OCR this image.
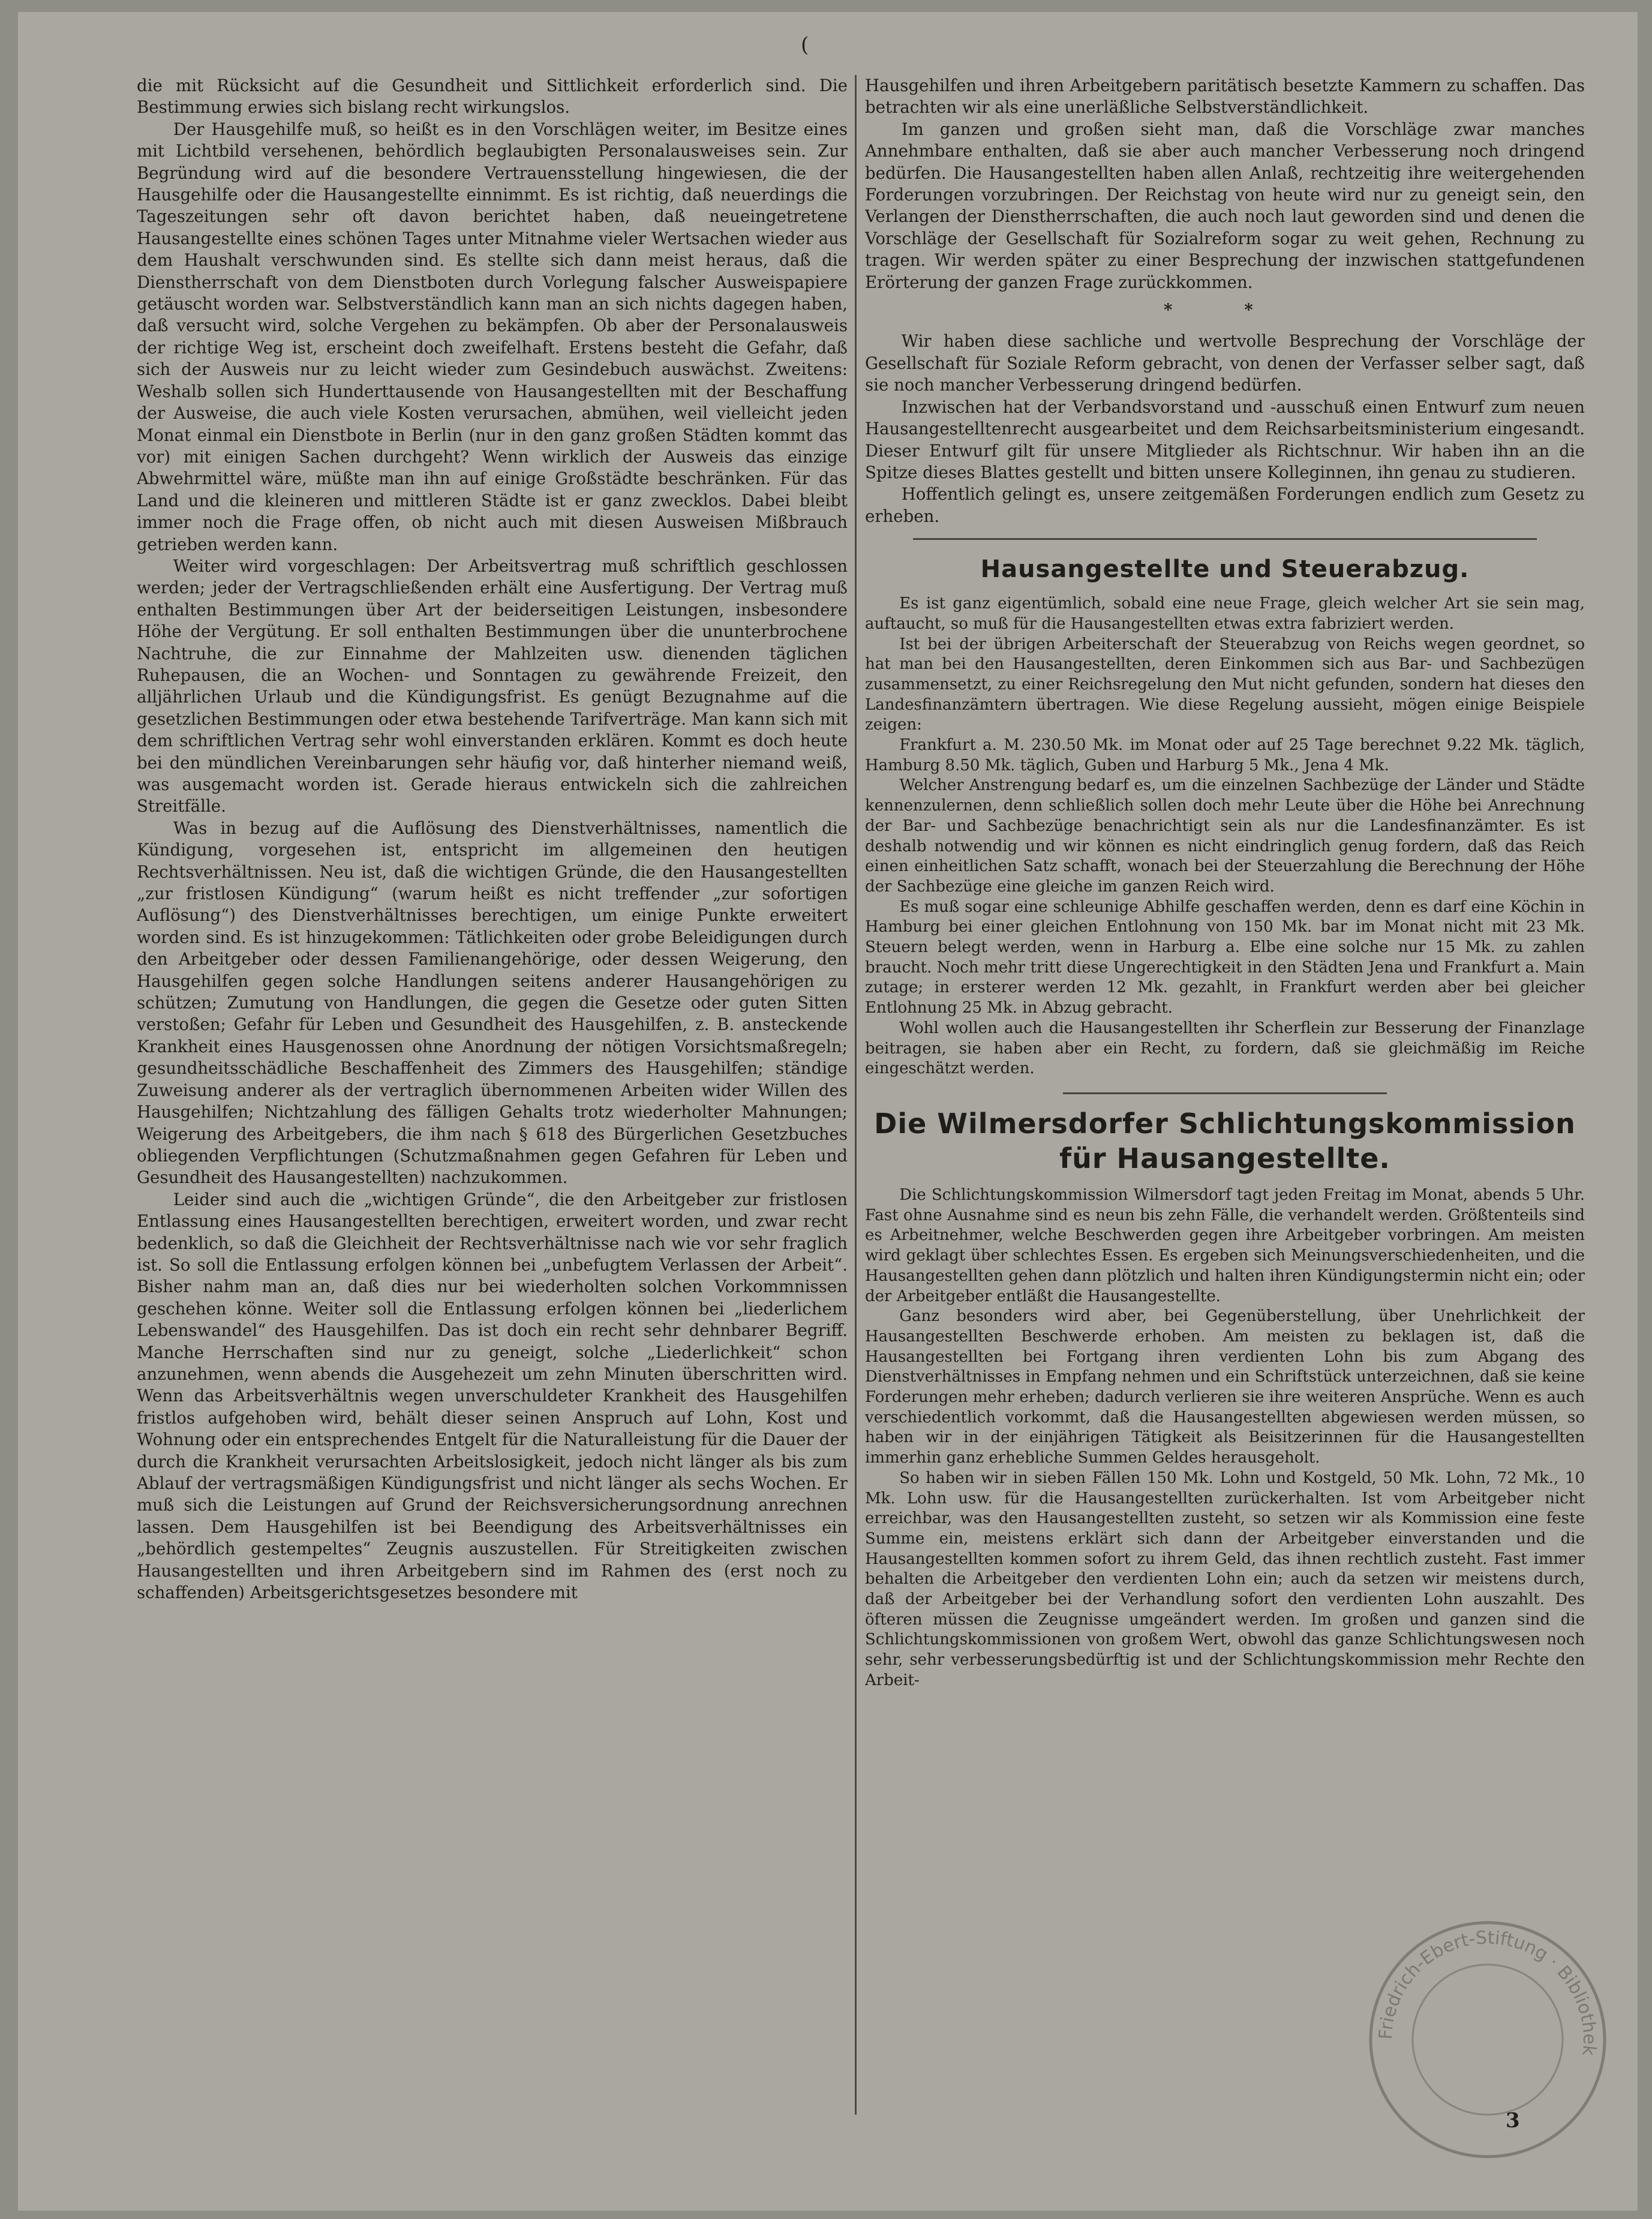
(

die mit Rücksicht auf die Gesundheit und Sittlichkeit erforderlich sind. Die Bestimmung erwies sich bislang recht wirkungslos.

Der Hausgehilfe muß, so heißt es in den Vorschlägen weiter, im Besitze eines mit Lichtbild versehenen, behördlich beglaubigten Personalausweises sein. Zur Begründung wird auf die besondere Vertrauensstellung hingewiesen, die der Hausgehilfe oder die Hausangestellte einnimmt. Es ist richtig, daß neuerdings die Tageszeitungen sehr oft davon berichtet haben, daß neueingetretene Hausangestellte eines schönen Tages unter Mitnahme vieler Wertsachen wieder aus dem Haushalt verschwunden sind. Es stellte sich dann meist heraus, daß die Dienstherrschaft von dem Dienstboten durch Vorlegung falscher Ausweispapiere getäuscht worden war. Selbstverständlich kann man an sich nichts dagegen haben, daß versucht wird, solche Vergehen zu bekämpfen. Ob aber der Personalausweis der richtige Weg ist, erscheint doch zweifelhaft. Erstens besteht die Gefahr, daß sich der Ausweis nur zu leicht wieder zum Gesindebuch auswächst. Zweitens: Weshalb sollen sich Hunderttausende von Hausangestellten mit der Beschaffung der Ausweise, die auch viele Kosten verursachen, abmühen, weil vielleicht jeden Monat einmal ein Dienstbote in Berlin (nur in den ganz großen Städten kommt das vor) mit einigen Sachen durchgeht? Wenn wirklich der Ausweis das einzige Abwehrmittel wäre, müßte man ihn auf einige Großstädte beschränken. Für das Land und die kleineren und mittleren Städte ist er ganz zwecklos. Dabei bleibt immer noch die Frage offen, ob nicht auch mit diesen Ausweisen Mißbrauch getrieben werden kann.

Weiter wird vorgeschlagen: Der Arbeitsvertrag muß schriftlich geschlossen werden; jeder der Vertragschließenden erhält eine Ausfertigung. Der Vertrag muß enthalten Bestimmungen über Art der beiderseitigen Leistungen, insbesondere Höhe der Vergütung. Er soll enthalten Bestimmungen über die ununterbrochene Nachtruhe, die zur Einnahme der Mahlzeiten usw. dienenden täglichen Ruhepausen, die an Wochen- und Sonntagen zu gewährende Freizeit, den alljährlichen Urlaub und die Kündigungsfrist. Es genügt Bezugnahme auf die gesetzlichen Bestimmungen oder etwa bestehende Tarifverträge. Man kann sich mit dem schriftlichen Vertrag sehr wohl einverstanden erklären. Kommt es doch heute bei den mündlichen Vereinbarungen sehr häufig vor, daß hinterher niemand weiß, was ausgemacht worden ist. Gerade hieraus entwickeln sich die zahlreichen Streitfälle.

Was in bezug auf die Auflösung des Dienstverhältnisses, namentlich die Kündigung, vorgesehen ist, entspricht im allgemeinen den heutigen Rechtsverhältnissen. Neu ist, daß die wichtigen Gründe, die den Hausangestellten „zur fristlosen Kündigung“ (warum heißt es nicht treffender „zur sofortigen Auflösung“) des Dienstverhältnisses berechtigen, um einige Punkte erweitert worden sind. Es ist hinzugekommen: Tätlichkeiten oder grobe Beleidigungen durch den Arbeitgeber oder dessen Familienangehörige, oder dessen Weigerung, den Hausgehilfen gegen solche Handlungen seitens anderer Hausangehörigen zu schützen; Zumutung von Handlungen, die gegen die Gesetze oder guten Sitten verstoßen; Gefahr für Leben und Gesundheit des Hausgehilfen, z. B. ansteckende Krankheit eines Hausgenossen ohne Anordnung der nötigen Vorsichtsmaßregeln; gesundheitsschädliche Beschaffenheit des Zimmers des Hausgehilfen; ständige Zuweisung anderer als der vertraglich übernommenen Arbeiten wider Willen des Hausgehilfen; Nichtzahlung des fälligen Gehalts trotz wiederholter Mahnungen; Weigerung des Arbeitgebers, die ihm nach § 618 des Bürgerlichen Gesetzbuches obliegenden Verpflichtungen (Schutzmaßnahmen gegen Gefahren für Leben und Gesundheit des Hausangestellten) nachzukommen.

Leider sind auch die „wichtigen Gründe“, die den Arbeitgeber zur fristlosen Entlassung eines Hausangestellten berechtigen, erweitert worden, und zwar recht bedenklich, so daß die Gleichheit der Rechtsverhältnisse nach wie vor sehr fraglich ist. So soll die Entlassung erfolgen können bei „unbefugtem Verlassen der Arbeit“. Bisher nahm man an, daß dies nur bei wiederholten solchen Vorkommnissen geschehen könne. Weiter soll die Entlassung erfolgen können bei „liederlichem Lebenswandel“ des Hausgehilfen. Das ist doch ein recht sehr dehnbarer Begriff. Manche Herrschaften sind nur zu geneigt, solche „Liederlichkeit“ schon anzunehmen, wenn abends die Ausgehezeit um zehn Minuten überschritten wird. Wenn das Arbeitsverhältnis wegen unverschuldeter Krankheit des Hausgehilfen fristlos aufgehoben wird, behält dieser seinen Anspruch auf Lohn, Kost und Wohnung oder ein entsprechendes Entgelt für die Naturalleistung für die Dauer der durch die Krankheit verursachten Arbeitslosigkeit, jedoch nicht länger als bis zum Ablauf der vertragsmäßigen Kündigungsfrist und nicht länger als sechs Wochen. Er muß sich die Leistungen auf Grund der Reichsversicherungsordnung anrechnen lassen. Dem Hausgehilfen ist bei Beendigung des Arbeitsverhältnisses ein „behördlich gestempeltes“ Zeugnis auszustellen. Für Streitigkeiten zwischen Hausangestellten und ihren Arbeitgebern sind im Rahmen des (erst noch zu schaffenden) Arbeitsgerichtsgesetzes besondere mit

Hausgehilfen und ihren Arbeitgebern paritätisch besetzte Kammern zu schaffen. Das betrachten wir als eine unerläßliche Selbstverständlichkeit.

Im ganzen und großen sieht man, daß die Vorschläge zwar manches Annehmbare enthalten, daß sie aber auch mancher Verbesserung noch dringend bedürfen. Die Hausangestellten haben allen Anlaß, rechtzeitig ihre weitergehenden Forderungen vorzubringen. Der Reichstag von heute wird nur zu geneigt sein, den Verlangen der Dienstherrschaften, die auch noch laut geworden sind und denen die Vorschläge der Gesellschaft für Sozialreform sogar zu weit gehen, Rechnung zu tragen. Wir werden später zu einer Besprechung der inzwischen stattgefundenen Erörterung der ganzen Frage zurückkommen.

* *

Wir haben diese sachliche und wertvolle Besprechung der Vorschläge der Gesellschaft für Soziale Reform gebracht, von denen der Verfasser selber sagt, daß sie noch mancher Verbesserung dringend bedürfen.

Inzwischen hat der Verbandsvorstand und -ausschuß einen Entwurf zum neuen Hausangestelltenrecht ausgearbeitet und dem Reichsarbeitsministerium eingesandt. Dieser Entwurf gilt für unsere Mitglieder als Richtschnur. Wir haben ihn an die Spitze dieses Blattes gestellt und bitten unsere Kolleginnen, ihn genau zu studieren.

Hoffentlich gelingt es, unsere zeitgemäßen Forderungen endlich zum Gesetz zu erheben.

Hausangestellte und Steuerabzug.

Es ist ganz eigentümlich, sobald eine neue Frage, gleich welcher Art sie sein mag, auftaucht, so muß für die Hausangestellten etwas extra fabriziert werden.

Ist bei der übrigen Arbeiterschaft der Steuerabzug von Reichs wegen geordnet, so hat man bei den Hausangestellten, deren Einkommen sich aus Bar- und Sachbezügen zusammensetzt, zu einer Reichsregelung den Mut nicht gefunden, sondern hat dieses den Landesfinanzämtern übertragen. Wie diese Regelung aussieht, mögen einige Beispiele zeigen:

Frankfurt a. M. 230.50 Mk. im Monat oder auf 25 Tage berechnet 9.22 Mk. täglich, Hamburg 8.50 Mk. täglich, Guben und Harburg 5 Mk., Jena 4 Mk.

Welcher Anstrengung bedarf es, um die einzelnen Sachbezüge der Länder und Städte kennenzulernen, denn schließlich sollen doch mehr Leute über die Höhe bei Anrechnung der Bar- und Sachbezüge benachrichtigt sein als nur die Landesfinanzämter. Es ist deshalb notwendig und wir können es nicht eindringlich genug fordern, daß das Reich einen einheitlichen Satz schafft, wonach bei der Steuerzahlung die Berechnung der Höhe der Sachbezüge eine gleiche im ganzen Reich wird.

Es muß sogar eine schleunige Abhilfe geschaffen werden, denn es darf eine Köchin in Hamburg bei einer gleichen Entlohnung von 150 Mk. bar im Monat nicht mit 23 Mk. Steuern belegt werden, wenn in Harburg a. Elbe eine solche nur 15 Mk. zu zahlen braucht. Noch mehr tritt diese Ungerechtigkeit in den Städten Jena und Frankfurt a. Main zutage; in ersterer werden 12 Mk. gezahlt, in Frankfurt werden aber bei gleicher Entlohnung 25 Mk. in Abzug gebracht.

Wohl wollen auch die Hausangestellten ihr Scherflein zur Besserung der Finanzlage beitragen, sie haben aber ein Recht, zu fordern, daß sie gleichmäßig im Reiche eingeschätzt werden.

Die Wilmersdorfer Schlichtungskommission
für Hausangestellte.

Die Schlichtungskommission Wilmersdorf tagt jeden Freitag im Monat, abends 5 Uhr. Fast ohne Ausnahme sind es neun bis zehn Fälle, die verhandelt werden. Größtenteils sind es Arbeitnehmer, welche Beschwerden gegen ihre Arbeitgeber vorbringen. Am meisten wird geklagt über schlechtes Essen. Es ergeben sich Meinungsverschiedenheiten, und die Hausangestellten gehen dann plötzlich und halten ihren Kündigungstermin nicht ein; oder der Arbeitgeber entläßt die Hausangestellte.

Ganz besonders wird aber, bei Gegenüberstellung, über Unehrlichkeit der Hausangestellten Beschwerde erhoben. Am meisten zu beklagen ist, daß die Hausangestellten bei Fortgang ihren verdienten Lohn bis zum Abgang des Dienstverhältnisses in Empfang nehmen und ein Schriftstück unterzeichnen, daß sie keine Forderungen mehr erheben; dadurch verlieren sie ihre weiteren Ansprüche. Wenn es auch verschiedentlich vorkommt, daß die Hausangestellten abgewiesen werden müssen, so haben wir in der einjährigen Tätigkeit als Beisitzerinnen für die Hausangestellten immerhin ganz erhebliche Summen Geldes herausgeholt.

So haben wir in sieben Fällen 150 Mk. Lohn und Kostgeld, 50 Mk. Lohn, 72 Mk., 10 Mk. Lohn usw. für die Hausangestellten zurückerhalten. Ist vom Arbeitgeber nicht erreichbar, was den Hausangestellten zusteht, so setzen wir als Kommission eine feste Summe ein, meistens erklärt sich dann der Arbeitgeber einverstanden und die Hausangestellten kommen sofort zu ihrem Geld, das ihnen rechtlich zusteht. Fast immer behalten die Arbeitgeber den verdienten Lohn ein; auch da setzen wir meistens durch, daß der Arbeitgeber bei der Verhandlung sofort den verdienten Lohn auszahlt. Des öfteren müssen die Zeugnisse umgeändert werden. Im großen und ganzen sind die Schlichtungskommissionen von großem Wert, obwohl das ganze Schlichtungswesen noch sehr, sehr verbesserungsbedürftig ist und der Schlichtungskommission mehr Rechte den Arbeit-

Friedrich-Ebert-Stiftung · Bibliothek
3
